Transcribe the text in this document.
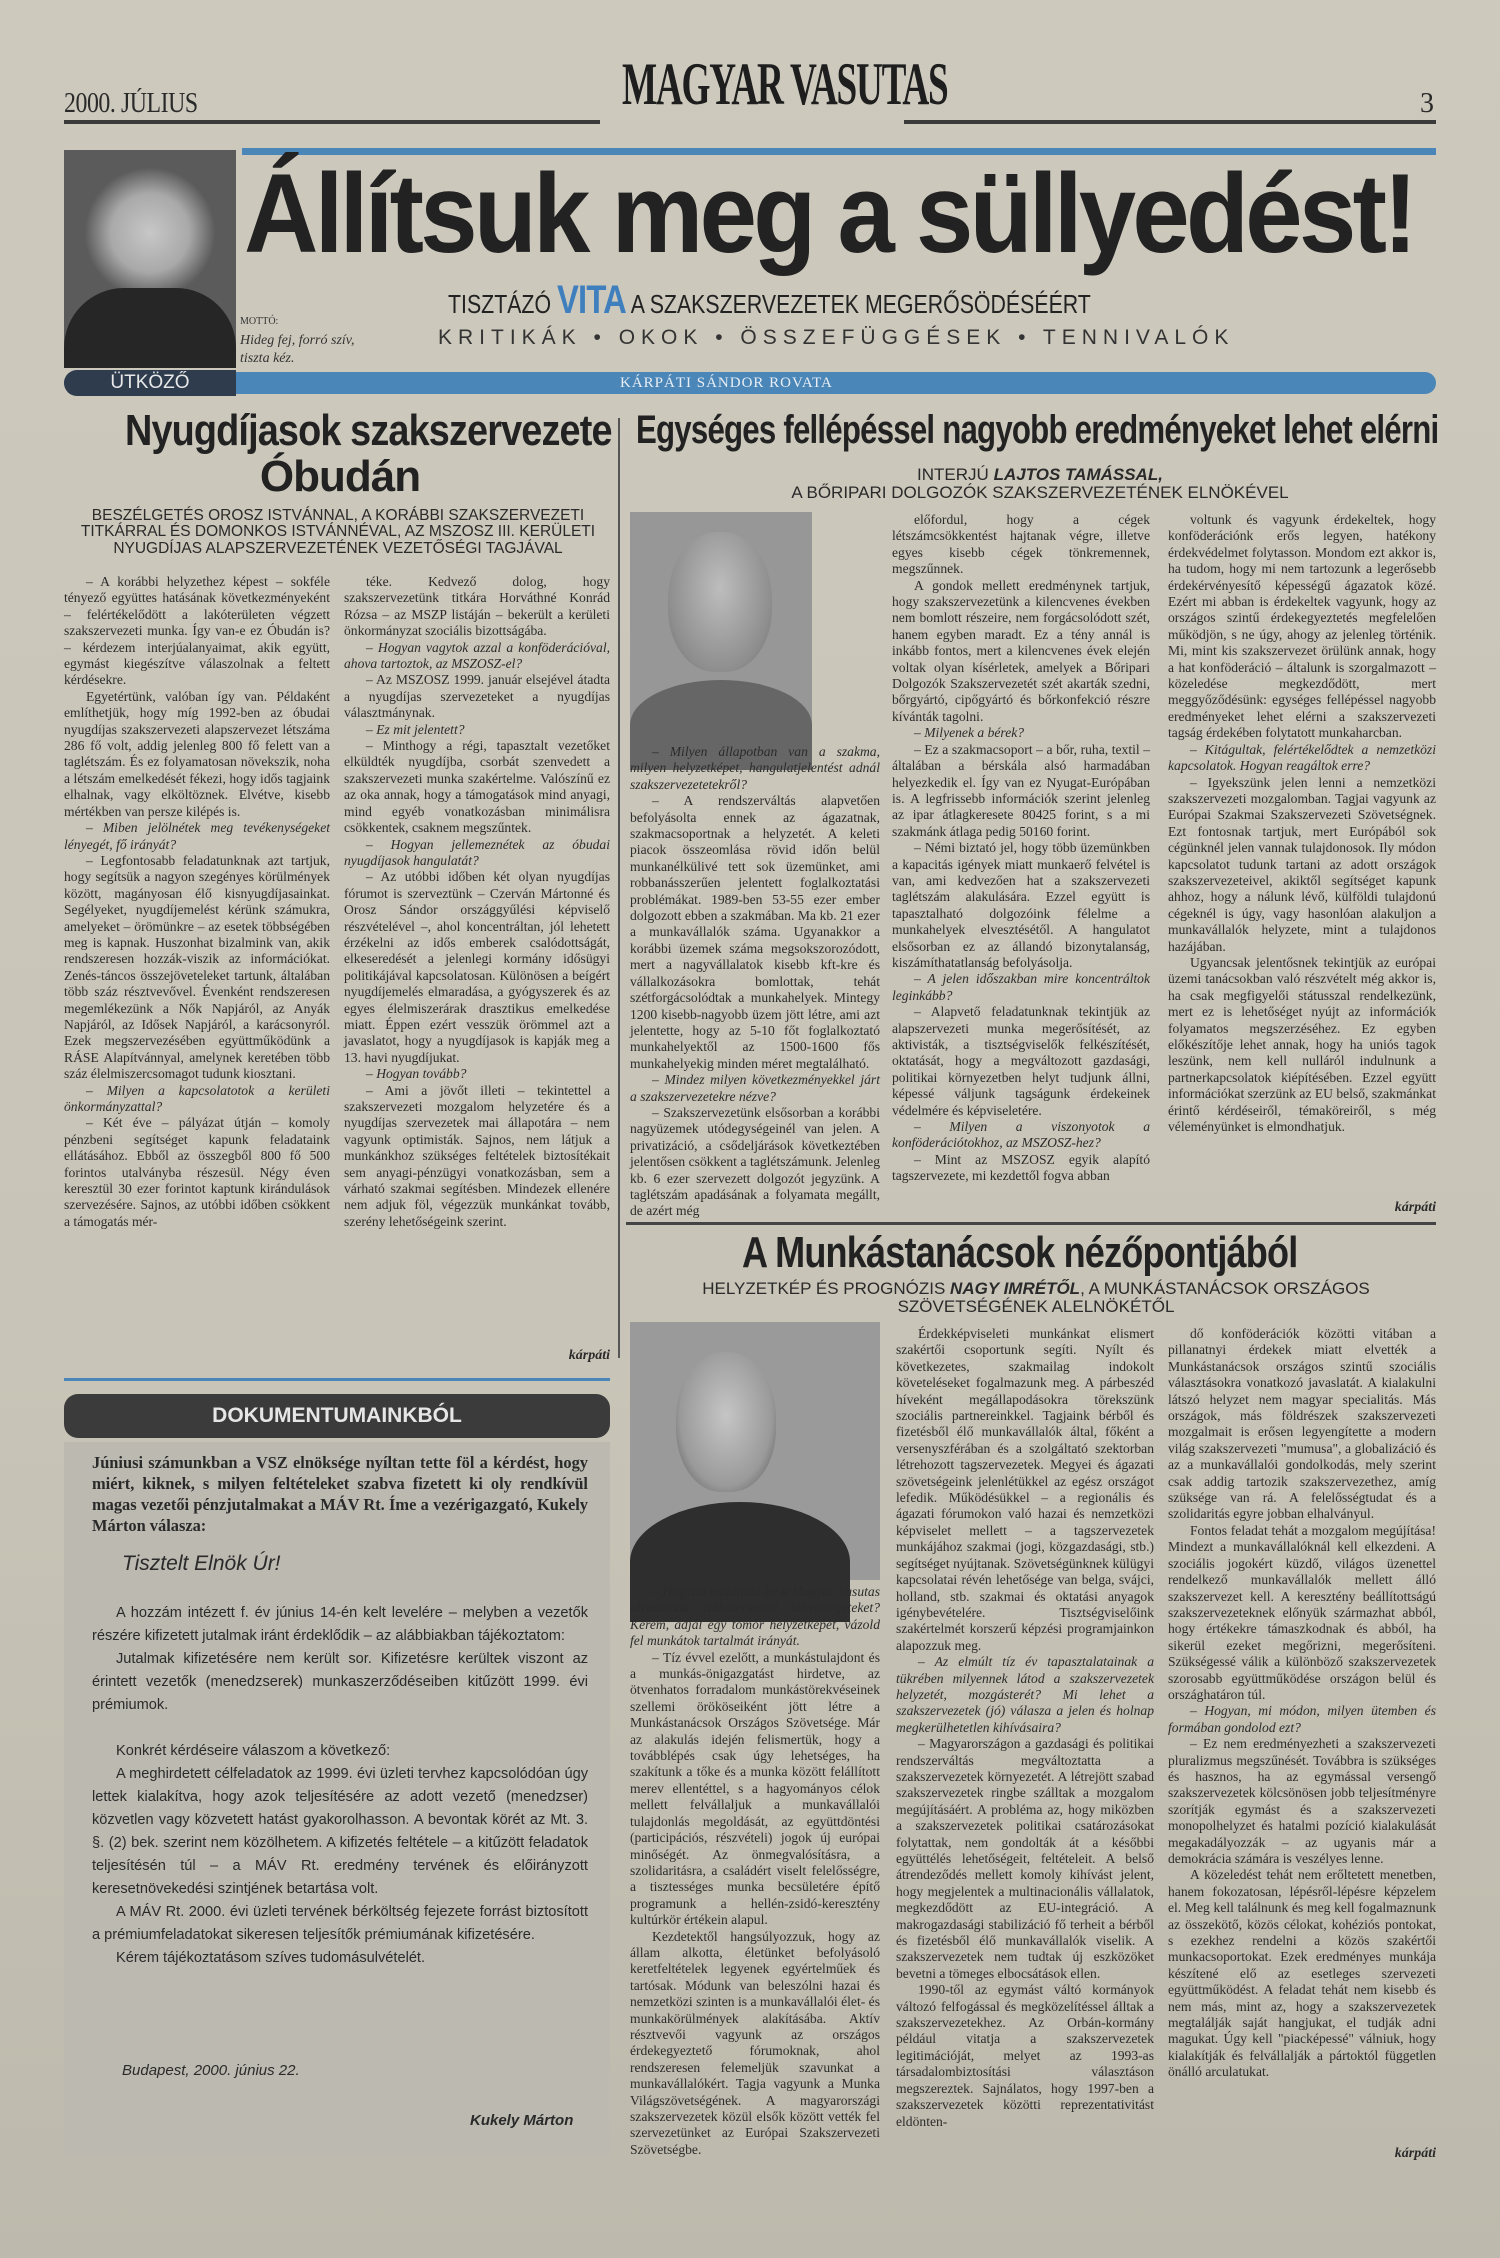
2000. JÚLIUS	MAGYAR VASUTAS	3
Állítsuk meg a süllyedést!
TISZTÁZÓ VITA A SZAKSZERVEZETEK MEGERŐSÖDÉSÉÉRT
KRITIKÁK • OKOK • ÖSSZEFÜGGÉSEK • TENNIVALÓK
MOTTÓ:
Hideg fej, forró szív, tiszta kéz.
ÜTKÖZŐ	KÁRPÁTI SÁNDOR ROVATA
Nyugdíjasok szakszervezete
Óbudán
BESZÉLGETÉS OROSZ ISTVÁNNAL, A KORÁBBI SZAKSZERVEZETI TITKÁRRAL ÉS DOMONKOS ISTVÁNNÉVAL, AZ MSZOSZ III. KERÜLETI NYUGDÍJAS ALAPSZERVEZETÉNEK VEZETŐSÉGI TAGJÁVAL

– A korábbi helyzethez képest – sokféle tényező együttes hatásának következményeként – felértékelődött a lakóterületen végzett szakszervezeti munka. Így van-e ez Óbudán is? – kérdezem interjúalanyaimat, akik együtt, egymást kiegészítve válaszolnak a feltett kérdésekre.

Egyetértünk, valóban így van. Példaként említhetjük, hogy míg 1992-ben az óbudai nyugdíjas szakszervezeti alapszervezet létszáma 286 fő volt, addig jelenleg 800 fő felett van a taglétszám. És ez folyamatosan növekszik, noha a létszám emelkedését fékezi, hogy idős tagjaink elhalnak, vagy elköltöznek. Elvétve, kisebb mértékben van persze kilépés is.

– Miben jelölnétek meg tevékenységeket lényegét, fő irányát?

– Legfontosabb feladatunknak azt tartjuk, hogy segítsük a nagyon szegényes körülmények között, magányosan élő kisnyugdíjasainkat. Segélyeket, nyugdíjemelést kérünk számukra, amelyeket – örömünkre – az esetek többségében meg is kapnak. Huszonhat bizalmink van, akik rendszeresen hozzák-viszik az információkat. Zenés-táncos összejöveteleket tartunk, általában több száz résztvevővel. Évenként rendszeresen megemlékezünk a Nők Napjáról, az Anyák Napjáról, az Idősek Napjáról, a karácsonyról. Ezek megszervezésében együttműködünk a RÁSE Alapítvánnyal, amelynek keretében több száz élelmiszercsomagot tudunk kiosztani.

– Milyen a kapcsolatotok a kerületi önkormányzattal?

– Két éve – pályázat útján – komoly pénzbeni segítséget kapunk feladataink ellátásához. Ebből az összegből 800 fő 500 forintos utalványba részesül. Négy éven keresztül 30 ezer forintot kaptunk kirándulások szervezésére. Sajnos, az utóbbi időben csökkent a támogatás mér-

téke. Kedvező dolog, hogy szakszervezetünk titkára Horváthné Konrád Rózsa – az MSZP listáján – bekerült a kerületi önkormányzat szociális bizottságába.

– Hogyan vagytok azzal a konföderációval, ahova tartoztok, az MSZOSZ-el?

– Az MSZOSZ 1999. január elsejével átadta a nyugdíjas szervezeteket a nyugdíjas választmánynak.

– Ez mit jelentett?

– Minthogy a régi, tapasztalt vezetőket elküldték nyugdíjba, csorbát szenvedett a szakszervezeti munka szakértelme. Valószínű ez az oka annak, hogy a támogatások mind anyagi, mind egyéb vonatkozásban minimálisra csökkentek, csaknem megszűntek.

– Hogyan jellemeznétek az óbudai nyugdíjasok hangulatát?

– Az utóbbi időben két olyan nyugdíjas fórumot is szerveztünk – Czerván Mártonné és Orosz Sándor országgyűlési képviselő részvételével –, ahol koncentráltan, jól lehetett érzékelni az idős emberek csalódottságát, elkeseredését a jelenlegi kormány idősügyi politikájával kapcsolatosan. Különösen a beígért nyugdíjemelés elmaradása, a gyógyszerek és az egyes élelmiszerárak drasztikus emelkedése miatt. Éppen ezért vesszük örömmel azt a javaslatot, hogy a nyugdíjasok is kapják meg a 13. havi nyugdíjukat.

– Hogyan tovább?

– Ami a jövőt illeti – tekintettel a szakszervezeti mozgalom helyzetére és a nyugdíjas szervezetek mai állapotára – nem vagyunk optimisták. Sajnos, nem látjuk a munkánkhoz szükséges feltételek biztosítékait sem anyagi-pénzügyi vonatkozásban, sem a várható szakmai segítésben. Mindezek ellenére nem adjuk föl, végezzük munkánkat tovább, szerény lehetőségeink szerint.

kárpáti
Egységes fellépéssel nagyobb eredményeket lehet elérni
INTERJÚ LAJTOS TAMÁSSAL,
A BŐRIPARI DOLGOZÓK SZAKSZERVEZETÉNEK ELNÖKÉVEL

– Milyen állapotban van a szakma, milyen helyzetképet, hangulatjelentést adnál szakszervezetetekről?

– A rendszerváltás alapvetően befolyásolta ennek az ágazatnak, szakmacsoportnak a helyzetét. A keleti piacok összeomlása rövid időn belül munkanélkülivé tett sok üzemünket, ami robbanásszerűen jelentett foglalkoztatási problémákat. 1989-ben 53-55 ezer ember dolgozott ebben a szakmában. Ma kb. 21 ezer a munkavállalók száma. Ugyanakkor a korábbi üzemek száma megsokszorozódott, mert a nagyvállalatok kisebb kft-kre és vállalkozásokra bomlottak, tehát szétforgácsolódtak a munkahelyek. Mintegy 1200 kisebb-nagyobb üzem jött létre, ami azt jelentette, hogy az 5-10 főt foglalkoztató munkahelyektől az 1500-1600 fős munkahelyekig minden méret megtalálható.

– Mindez milyen következményekkel járt a szakszervezetekre nézve?

– Szakszervezetünk elsősorban a korábbi nagyüzemek utódegységeinél van jelen. A privatizáció, a csődeljárások következtében jelentősen csökkent a taglétszámunk. Jelenleg kb. 6 ezer szervezett dolgozót jegyzünk. A taglétszám apadásának a folyamata megállt, de azért még

előfordul, hogy a cégek létszámcsökkentést hajtanak végre, illetve egyes kisebb cégek tönkremennek, megszűnnek.

A gondok mellett eredménynek tartjuk, hogy szakszervezetünk a kilencvenes években nem bomlott részeire, nem forgácsolódott szét, hanem egyben maradt. Ez a tény annál is inkább fontos, mert a kilencvenes évek elején voltak olyan kísérletek, amelyek a Bőripari Dolgozók Szakszervezetét szét akarták szedni, bőrgyártó, cipőgyártó és bőrkonfekció részre kívánták tagolni.

– Milyenek a bérek?

– Ez a szakmacsoport – a bőr, ruha, textil – általában a bérskála alsó harmadában helyezkedik el. Így van ez Nyugat-Európában is. A legfrissebb információk szerint jelenleg az ipar átlagkeresete 80425 forint, s a mi szakmánk átlaga pedig 50160 forint.

– Némi biztató jel, hogy több üzemünkben a kapacitás igények miatt munkaerő felvétel is van, ami kedvezően hat a szakszervezeti taglétszám alakulására. Ezzel együtt is tapasztalható dolgozóink félelme a munkahelyek elvesztésétől. A hangulatot elsősorban ez az állandó bizonytalanság, kiszámíthatatlanság befolyásolja.

– A jelen időszakban mire koncentráltok leginkább?

– Alapvető feladatunknak tekintjük az alapszervezeti munka megerősítését, az aktivisták, a tisztségviselők felkészítését, oktatását, hogy a megváltozott gazdasági, politikai környezetben helyt tudjunk állni, képessé váljunk tagságunk érdekeinek védelmére és képviseletére.

– Milyen a viszonyotok a konföderációtokhoz, az MSZOSZ-hez?

– Mint az MSZOSZ egyik alapító tagszervezete, mi kezdettől fogva abban

voltunk és vagyunk érdekeltek, hogy konföderációnk erős legyen, hatékony érdekvédelmet folytasson. Mondom ezt akkor is, ha tudom, hogy mi nem tartozunk a legerősebb érdekérvényesítő képességű ágazatok közé. Ezért mi abban is érdekeltek vagyunk, hogy az országos szintű érdekegyeztetés megfelelően működjön, s ne úgy, ahogy az jelenleg történik. Mi, mint kis szakszervezet örülünk annak, hogy a hat konföderáció – általunk is szorgalmazott – közeledése megkezdődött, mert meggyőződésünk: egységes fellépéssel nagyobb eredményeket lehet elérni a szakszervezeti tagság érdekében folytatott munkaharcban.

– Kitágultak, felértékelődtek a nemzetközi kapcsolatok. Hogyan reagáltok erre?

– Igyekszünk jelen lenni a nemzetközi szakszervezeti mozgalomban. Tagjai vagyunk az Európai Szakmai Szakszervezeti Szövetségnek. Ezt fontosnak tartjuk, mert Európából sok cégünknél jelen vannak tulajdonosok. Ily módon kapcsolatot tudunk tartani az adott országok szakszervezeteivel, akiktől segítséget kapunk ahhoz, hogy a nálunk lévő, külföldi tulajdonú cégeknél is úgy, vagy hasonlóan alakuljon a munkavállalók helyzete, mint a tulajdonos hazájában.

Ugyancsak jelentősnek tekintjük az európai üzemi tanácsokban való részvételt még akkor is, ha csak megfigyelői státusszal rendelkezünk, mert ez is lehetőséget nyújt az információk folyamatos megszerzéséhez. Ez egyben előkészítője lehet annak, hogy ha uniós tagok leszünk, nem kell nulláról indulnunk a partnerkapcsolatok kiépítésében. Ezzel együtt információkat szerzünk az EU belső, szakmánkat érintő kérdéseiről, témaköreiről, s még véleményünket is elmondhatjuk.

kárpáti
A Munkástanácsok nézőpontjából
HELYZETKÉP ÉS PROGNÓZIS NAGY IMRÉTŐL, A MUNKÁSTANÁCSOK ORSZÁGOS SZÖVETSÉGÉNEK ALELNÖKÉTŐL

– Hogyan mutatnád be a Magyar Vasutas olvasóinak szakszervezeti szövetségeteket? Kérem, adjál egy tömör helyzetképet, vázold fel munkátok tartalmát irányát.

– Tíz évvel ezelőtt, a munkástulajdont és a munkás-önigazgatást hirdetve, az ötvenhatos forradalom munkástörekvéseinek szellemi örököseiként jött létre a Munkástanácsok Országos Szövetsége. Már az alakulás idején felismertük, hogy a továbblépés csak úgy lehetséges, ha szakítunk a tőke és a munka között felállított merev ellentéttel, s a hagyományos célok mellett felvállaljuk a munkavállalói tulajdonlás megoldását, az együttdöntési (participációs, részvételi) jogok új európai minőségét. Az önmegvalósításra, a szolidaritásra, a családért viselt felelősségre, a tisztességes munka becsületére építő programunk a hellén-zsidó-keresztény kultúrkör értékein alapul.

Kezdetektől hangsúlyozzuk, hogy az állam alkotta, életünket befolyásoló keretfeltételek legyenek egyértelműek és tartósak. Módunk van beleszólni hazai és nemzetközi szinten is a munkavállalói élet- és munkakörülmények alakításába. Aktív résztvevői vagyunk az országos érdekegyeztető fórumoknak, ahol rendszeresen felemeljük szavunkat a munkavállalókért. Tagja vagyunk a Munka Világszövetségének. A magyarországi szakszervezetek közül elsők között vették fel szervezetünket az Európai Szakszervezeti Szövetségbe.

Érdekképviseleti munkánkat elismert szakértői csoportunk segíti. Nyílt és következetes, szakmailag indokolt követeléseket fogalmazunk meg. A párbeszéd híveként megállapodásokra törekszünk szociális partnereinkkel. Tagjaink bérből és fizetésből élő munkavállalók által, főként a versenyszférában és a szolgáltató szektorban létrehozott tagszervezetek. Megyei és ágazati szövetségeink jelenlétükkel az egész országot lefedik. Működésükkel – a regionális és ágazati fórumokon való hazai és nemzetközi képviselet mellett – a tagszervezetek munkájához szakmai (jogi, közgazdasági, stb.) segítséget nyújtanak. Szövetségünknek külügyi kapcsolatai révén lehetősége van belga, svájci, holland, stb. szakmai és oktatási anyagok igénybevételére. Tisztségviselőink szakértelmét korszerű képzési programjainkon alapozzuk meg.

– Az elmúlt tíz év tapasztalatainak a tükrében milyennek látod a szakszervezetek helyzetét, mozgásterét? Mi lehet a szakszervezetek (jó) válasza a jelen és holnap megkerülhetetlen kihívásaira?

– Magyarországon a gazdasági és politikai rendszerváltás megváltoztatta a szakszervezetek környezetét. A létrejött szabad szakszervezetek ringbe szálltak a mozgalom megújításáért. A probléma az, hogy miközben a szakszervezetek politikai csatározásokat folytattak, nem gondolták át a későbbi együttélés lehetőségeit, feltételeit. A belső átrendeződés mellett komoly kihívást jelent, hogy megjelentek a multinacionális vállalatok, megkezdődött az EU-integráció. A makrogazdasági stabilizáció fő terheit a bérből és fizetésből élő munkavállalók viselik. A szakszervezetek nem tudtak új eszközöket bevetni a tömeges elbocsátások ellen.

1990-től az egymást váltó kormányok változó felfogással és megközelítéssel álltak a szakszervezetekhez. Az Orbán-kormány például vitatja a szakszervezetek legitimációját, melyet az 1993-as társadalombiztosítási választáson megszereztek. Sajnálatos, hogy 1997-ben a szakszervezetek közötti reprezentativitást eldönten-

dő konföderációk közötti vitában a pillanatnyi érdekek miatt elvették a Munkástanácsok országos szintű szociális választásokra vonatkozó javaslatát. A kialakulni látszó helyzet nem magyar specialitás. Más országok, más földrészek szakszervezeti mozgalmait is erősen legyengítette a modern világ szakszervezeti "mumusa", a globalizáció és az a munkavállalói gondolkodás, mely szerint csak addig tartozik szakszervezethez, amíg szüksége van rá. A felelősségtudat és a szolidaritás egyre jobban elhalványul.

Fontos feladat tehát a mozgalom megújítása! Mindezt a munkavállalóknál kell elkezdeni. A szociális jogokért küzdő, világos üzenettel rendelkező munkavállalók mellett álló szakszervezet kell. A keresztény beállítottságú szakszervezeteknek előnyük származhat abból, hogy értékekre támaszkodnak és abból, ha sikerül ezeket megőrizni, megerősíteni. Szükségessé válik a különböző szakszervezetek szorosabb együttműködése országon belül és országhatáron túl.

– Hogyan, mi módon, milyen ütemben és formában gondolod ezt?

– Ez nem eredményezheti a szakszervezeti pluralizmus megszűnését. Továbbra is szükséges és hasznos, ha az egymással versengő szakszervezetek kölcsönösen jobb teljesítményre szorítják egymást és a szakszervezeti monopolhelyzet és hatalmi pozíció kialakulását megakadályozzák – az ugyanis már a demokrácia számára is veszélyes lenne.

A közeledést tehát nem erőltetett menetben, hanem fokozatosan, lépésről-lépésre képzelem el. Meg kell találnunk és meg kell fogalmaznunk az összekötő, közös célokat, kohéziós pontokat, s ezekhez rendelni a közös szakértői munkacsoportokat. Ezek eredményes munkája készítené elő az esetleges szervezeti együttműködést. A feladat tehát nem kisebb és nem más, mint az, hogy a szakszervezetek megtalálják saját hangjukat, el tudják adni magukat. Úgy kell "piacképessé" válniuk, hogy kialakítják és felvállalják a pártoktól független önálló arculatukat.

kárpáti
DOKUMENTUMAINKBÓL
Júniusi számunkban a VSZ elnöksége nyíltan tette föl a kérdést, hogy miért, kiknek, s milyen feltételeket szabva fizetett ki oly rendkívül magas vezetői pénzjutalmakat a MÁV Rt. Íme a vezérigazgató, Kukely Márton válasza:
Tisztelt Elnök Úr!

A hozzám intézett f. év június 14-én kelt levelére – melyben a vezetők részére kifizetett jutalmak iránt érdeklődik – az alábbiakban tájékoztatom:

Jutalmak kifizetésére nem került sor. Kifizetésre kerültek viszont az érintett vezetők (menedzserek) munkaszerződéseiben kitűzött 1999. évi prémiumok.

Konkrét kérdéseire válaszom a következő:

A meghirdetett célfeladatok az 1999. évi üzleti tervhez kapcsolódóan úgy lettek kialakítva, hogy azok teljesítésére az adott vezető (menedzser) közvetlen vagy közvetett hatást gyakorolhasson. A bevontak körét az Mt. 3. §. (2) bek. szerint nem közölhetem. A kifizetés feltétele – a kitűzött feladatok teljesítésén túl – a MÁV Rt. eredmény tervének és előirányzott keresetnövekedési szintjének betartása volt.

A MÁV Rt. 2000. évi üzleti tervének bérköltség fejezete forrást biztosított a prémiumfeladatokat sikeresen teljesítők prémiumának kifizetésére.

Kérem tájékoztatásom szíves tudomásulvételét.

Budapest, 2000. június 22.
Kukely Márton
